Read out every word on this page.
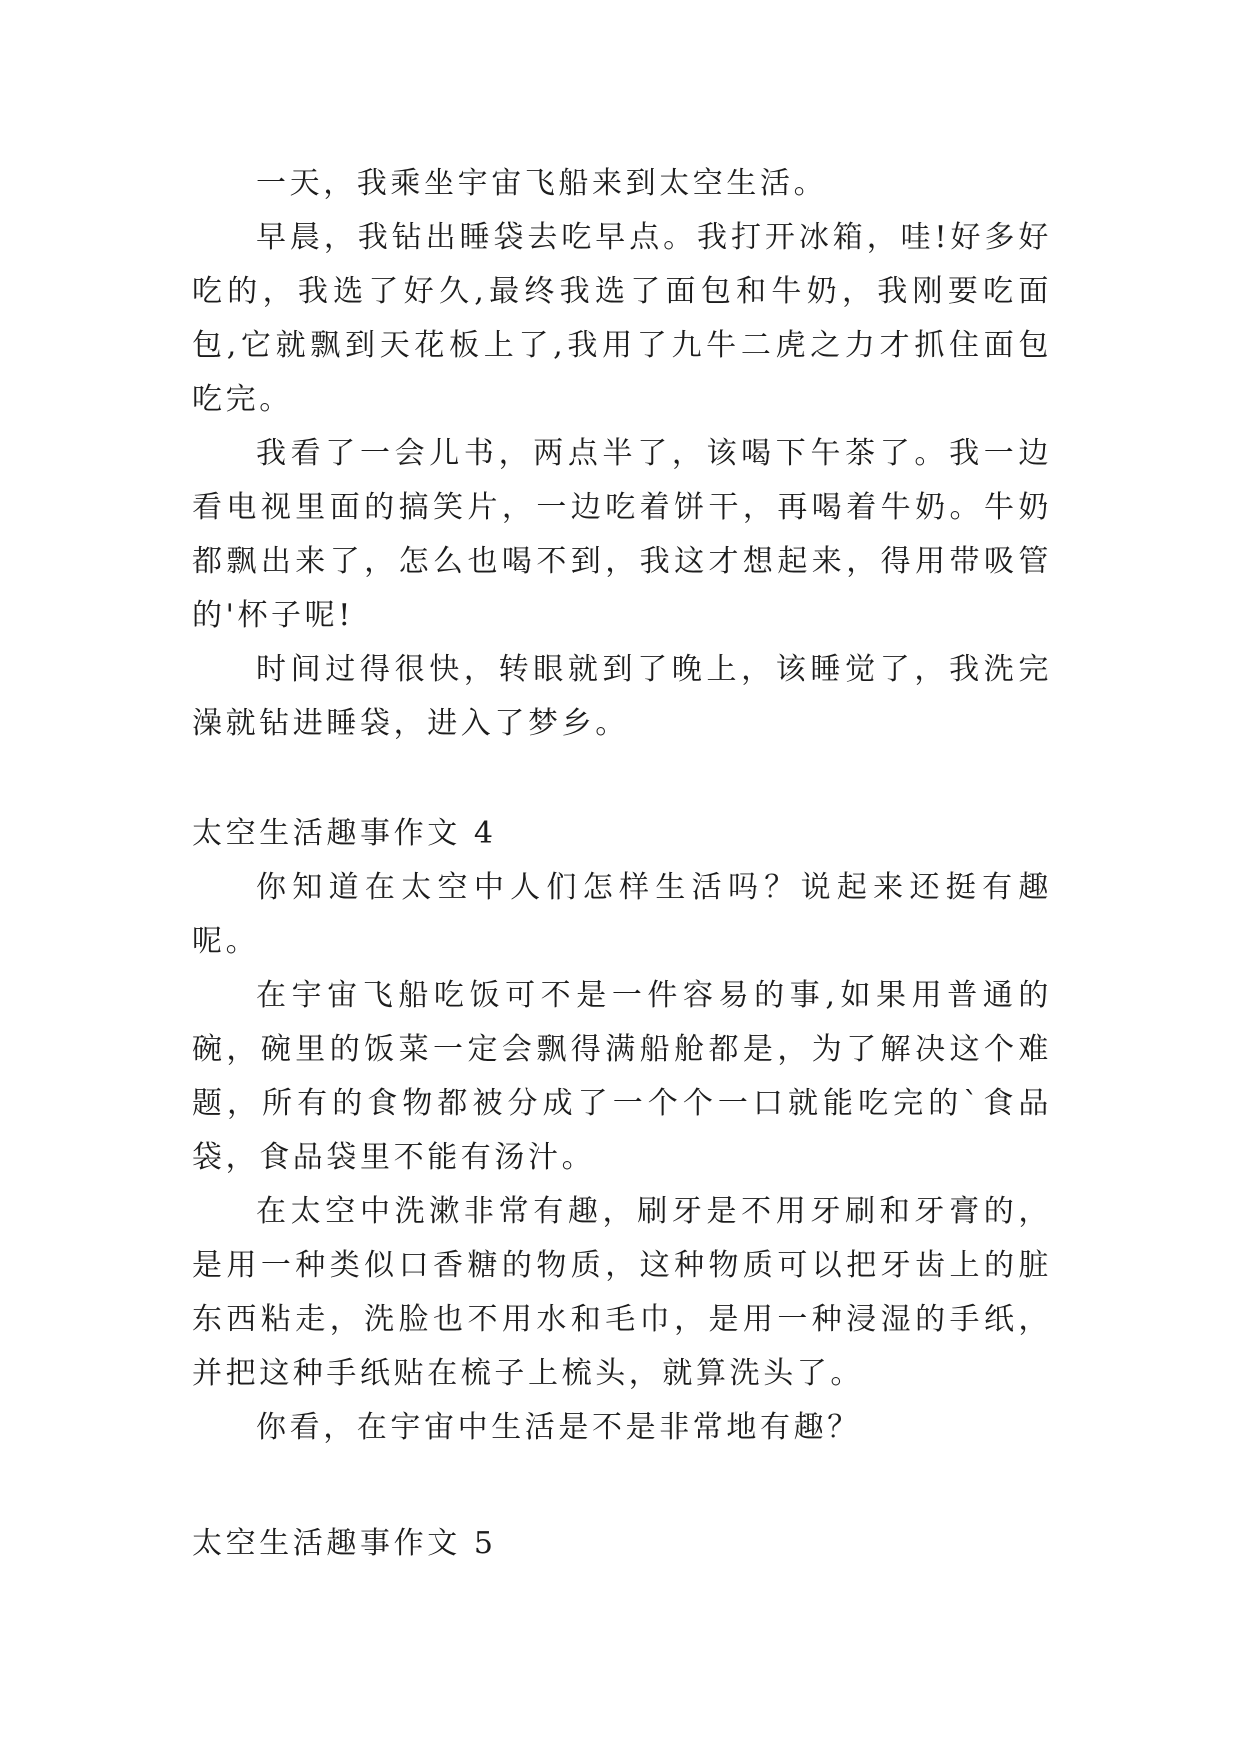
一天，我乘坐宇宙飞船来到太空生活。

早晨，我钻出睡袋去吃早点。我打开冰箱，哇!好多好吃的，我选了好久,最终我选了面包和牛奶，我刚要吃面包,它就飘到天花板上了,我用了九牛二虎之力才抓住面包吃完。

我看了一会儿书，两点半了，该喝下午茶了。我一边看电视里面的搞笑片，一边吃着饼干，再喝着牛奶。牛奶都飘出来了，怎么也喝不到，我这才想起来，得用带吸管的'杯子呢!

时间过得很快，转眼就到了晚上，该睡觉了，我洗完澡就钻进睡袋，进入了梦乡。

太空生活趣事作文 4

你知道在太空中人们怎样生活吗？说起来还挺有趣呢。

在宇宙飞船吃饭可不是一件容易的事,如果用普通的碗，碗里的饭菜一定会飘得满船舱都是，为了解决这个难题，所有的食物都被分成了一个个一口就能吃完的`食品袋，食品袋里不能有汤汁。

在太空中洗漱非常有趣，刷牙是不用牙刷和牙膏的，是用一种类似口香糖的物质，这种物质可以把牙齿上的脏东西粘走，洗脸也不用水和毛巾，是用一种浸湿的手纸，并把这种手纸贴在梳子上梳头，就算洗头了。

你看，在宇宙中生活是不是非常地有趣？

太空生活趣事作文 5
